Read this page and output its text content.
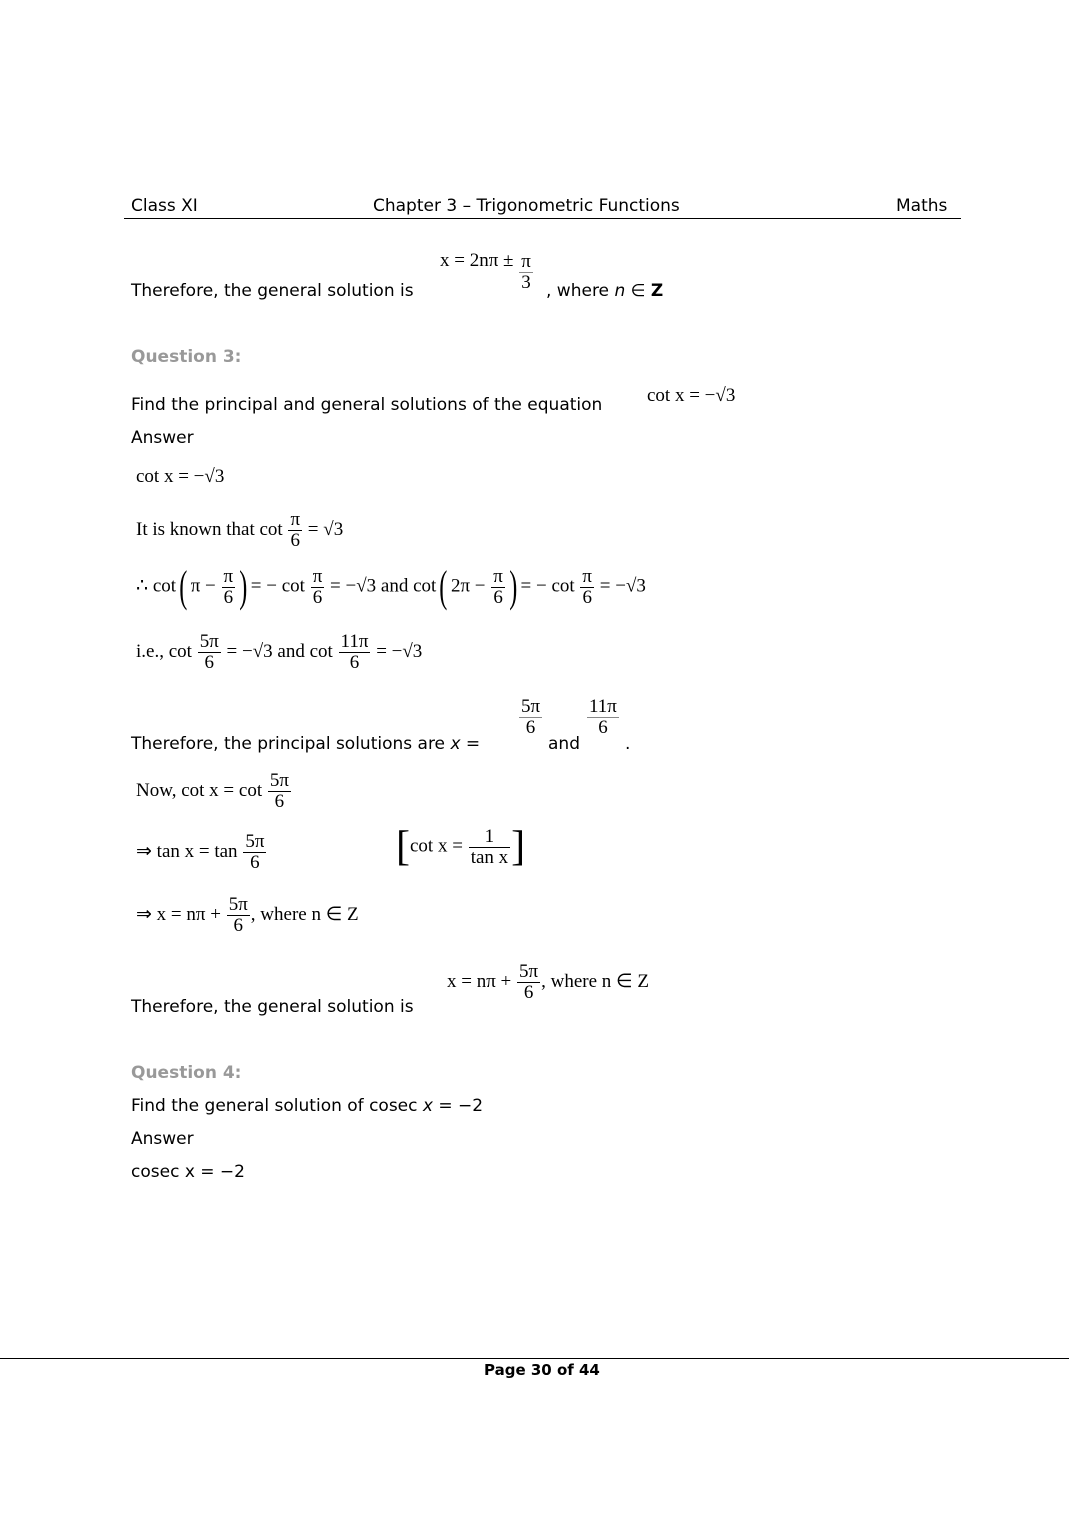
Class XI	Chapter 3 – Trigonometric Functions	Maths
Therefore, the general solution is
$x = 2n\pi \pm \frac{\pi}{3}$ , where n ∈ Z
Question 3:
Find the principal and general solutions of the equation cot x = −√3
Answer
cot x = −√3
It is known that $\cot \frac{\pi}{6} = √3$
∴ cot( $\pi - \frac{\pi}{6}$ ) = − $\cot \frac{\pi}{6} = -√3$ and cot( $2\pi - \frac{\pi}{6}$ ) = − $\cot \frac{\pi}{6} = -√3$
i.e., $\cot \frac{5\pi}{6} = -√3$ and $\cot \frac{11\pi}{6} = -√3$
Therefore, the principal solutions are x =
$\frac{5\pi}{6}$
and
$\frac{11\pi}{6}$
.
Now, $\cot x = \cot \frac{5\pi}{6}$
⇒ $\tan x = \tan \frac{5\pi}{6}$	[cot $x = \frac{1}{\text{tan x}}$ ]
⇒ $x = n\pi + \frac{5\pi}{6}$ , where n ∈ Z
Therefore, the general solution is
$x = n\pi + \frac{5\pi}{6}$ , where n ∈ Z
Question 4:
Find the general solution of cosec x = −2
Answer
cosec x = −2
Page 30 of 44
